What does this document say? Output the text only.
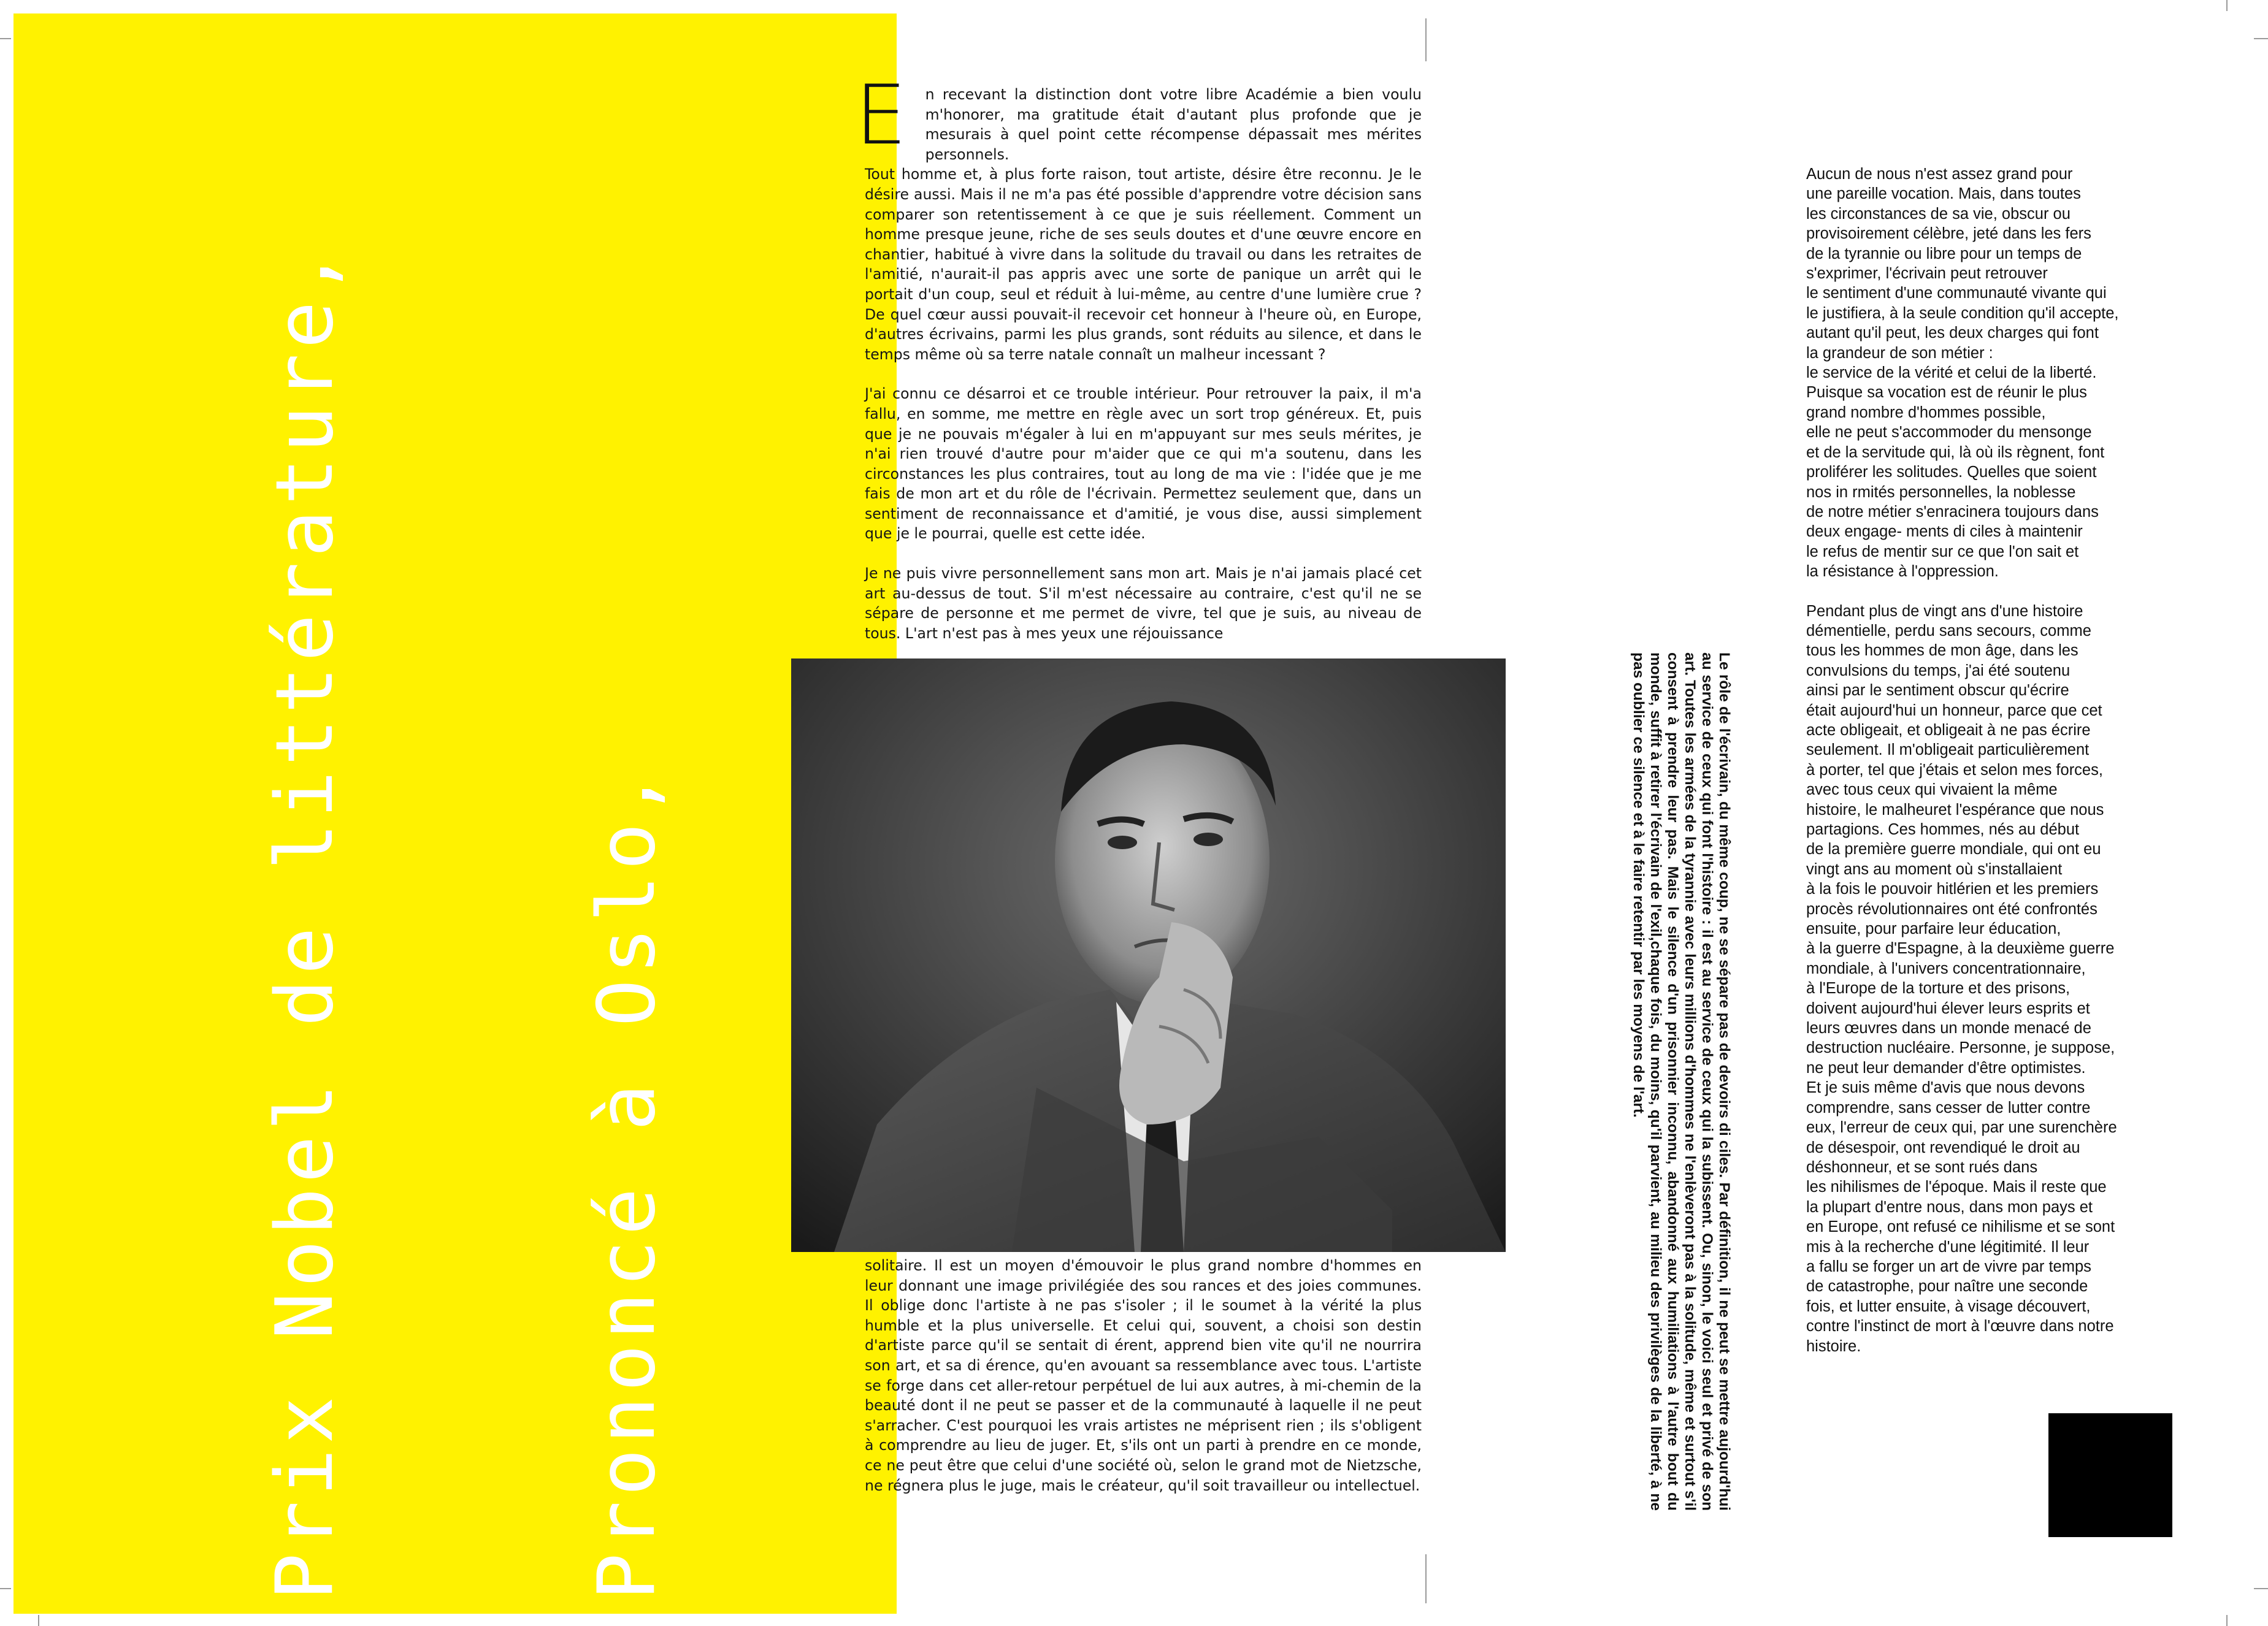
Prix Nobel de littérature,

	Prononcé à Oslo,

E n recevant la distinction dont votre libre Académie a bien voulu m'honorer, ma gratitude était d'autant plus profonde que je mesurais à quel point cette récompense dépassait mes mérites personnels.

Tout homme et, à plus forte raison, tout artiste, désire être reconnu. Je le désire aussi. Mais il ne m'a pas été possible d'apprendre votre décision sans comparer son retentissement à ce que je suis réellement. Comment un homme presque jeune, riche de ses seuls doutes et d'une œuvre encore en chantier, habitué à vivre dans la solitude du travail ou dans les retraites de l'amitié, n'aurait-il pas appris avec une sorte de panique un arrêt qui le portait d'un coup, seul et réduit à lui-même, au centre d'une lumière crue ? De quel cœur aussi pouvait-il recevoir cet honneur à l'heure où, en Europe, d'autres écrivains, parmi les plus grands, sont réduits au silence, et dans le temps même où sa terre natale connaît un malheur incessant ?

J'ai connu ce désarroi et ce trouble intérieur. Pour retrouver la paix, il m'a fallu, en somme, me mettre en règle avec un sort trop généreux. Et, puis que je ne pouvais m'égaler à lui en m'appuyant sur mes seuls mérites, je n'ai rien trouvé d'autre pour m'aider que ce qui m'a soutenu, dans les circonstances les plus contraires, tout au long de ma vie : l'idée que je me fais de mon art et du rôle de l'écrivain. Permettez seulement que, dans un sentiment de reconnaissance et d'amitié, je vous dise, aussi simplement que je le pourrai, quelle est cette idée.

Je ne puis vivre personnellement sans mon art. Mais je n'ai jamais placé cet art au-dessus de tout. S'il m'est nécessaire au contraire, c'est qu'il ne se sépare de personne et me permet de vivre, tel que je suis, au niveau de tous. L'art n'est pas à mes yeux une réjouissance

solitaire. Il est un moyen d'émouvoir le plus grand nombre d'hommes en leur donnant une image privilégiée des sou rances et des joies communes. Il oblige donc l'artiste à ne pas s'isoler ; il le soumet à la vérité la plus humble et la plus universelle. Et celui qui, souvent, a choisi son destin d'artiste parce qu'il se sentait di érent, apprend bien vite qu'il ne nourrira son art, et sa di érence, qu'en avouant sa ressemblance avec tous. L'artiste se forge dans cet aller-retour perpétuel de lui aux autres, à mi-chemin de la beauté dont il ne peut se passer et de la communauté à laquelle il ne peut s'arracher. C'est pourquoi les vrais artistes ne méprisent rien ; ils s'obligent à comprendre au lieu de juger. Et, s'ils ont un parti à prendre en ce monde, ce ne peut être que celui d'une société où, selon le grand mot de Nietzsche, ne régnera plus le juge, mais le créateur, qu'il soit travailleur ou intellectuel.	Le rôle de l'écrivain, du même coup, ne se sépare pas de devoirs di ciles. Par définition, il ne peut se mettre aujourd'hui au service de ceux qui font l'histoire : il est au service de ceux qui la subissent. Ou, sinon, le voici seul et privé de son art. Toutes les armées de la tyrannie avec leurs millions d'hommes ne l'enlèveront pas à la solitude, même et surtout s'il consent à prendre leur pas. Mais le silence d'un prisonnier inconnu, abandonné aux humiliations à l'autre bout du monde, suffit à retirer l'écrivain de l'exil,chaque fois, du moins, qu'il parvient, au milieu des privilèges de la liberté, à ne pas oublier ce silence et à le faire retentir par les moyens de l'art.

Aucun de nous n'est assez grand pour
une pareille vocation. Mais, dans toutes
les circonstances de sa vie, obscur ou
provisoirement célèbre, jeté dans les fers
de la tyrannie ou libre pour un temps de
s'exprimer, l'écrivain peut retrouver
le sentiment d'une communauté vivante qui
le justifiera, à la seule condition qu'il accepte,
autant qu'il peut, les deux charges qui font
la grandeur de son métier :
le service de la vérité et celui de la liberté.
Puisque sa vocation est de réunir le plus
grand nombre d'hommes possible,
elle ne peut s'accommoder du mensonge
et de la servitude qui, là où ils règnent, font
proliférer les solitudes. Quelles que soient
nos in rmités personnelles, la noblesse
de notre métier s'enracinera toujours dans
deux engage- ments di ciles à maintenir
le refus de mentir sur ce que l'on sait et
la résistance à l'oppression.

Pendant plus de vingt ans d'une histoire
démentielle, perdu sans secours, comme
tous les hommes de mon âge, dans les
convulsions du temps, j'ai été soutenu
ainsi par le sentiment obscur qu'écrire
était aujourd'hui un honneur, parce que cet
acte obligeait, et obligeait à ne pas écrire
seulement. Il m'obligeait particulièrement
à porter, tel que j'étais et selon mes forces,
avec tous ceux qui vivaient la même
histoire, le malheuret l'espérance que nous
partagions. Ces hommes, nés au début
de la première guerre mondiale, qui ont eu
vingt ans au moment où s'installaient
à la fois le pouvoir hitlérien et les premiers
procès révolutionnaires ont été confrontés
ensuite, pour parfaire leur éducation,
à la guerre d'Espagne, à la deuxième guerre
mondiale, à l'univers concentrationnaire,
à l'Europe de la torture et des prisons,
doivent aujourd'hui élever leurs esprits et
leurs œuvres dans un monde menacé de
destruction nucléaire. Personne, je suppose,
ne peut leur demander d'être optimistes.
Et je suis même d'avis que nous devons
comprendre, sans cesser de lutter contre
eux, l'erreur de ceux qui, par une surenchère
de désespoir, ont revendiqué le droit au
déshonneur, et se sont rués dans
les nihilismes de l'époque. Mais il reste que
la plupart d'entre nous, dans mon pays et
en Europe, ont refusé ce nihilisme et se sont
mis à la recherche d'une légitimité. Il leur
a fallu se forger un art de vivre par temps
de catastrophe, pour naître une seconde
fois, et lutter ensuite, à visage découvert,
contre l'instinct de mort à l'œuvre dans notre
histoire.
